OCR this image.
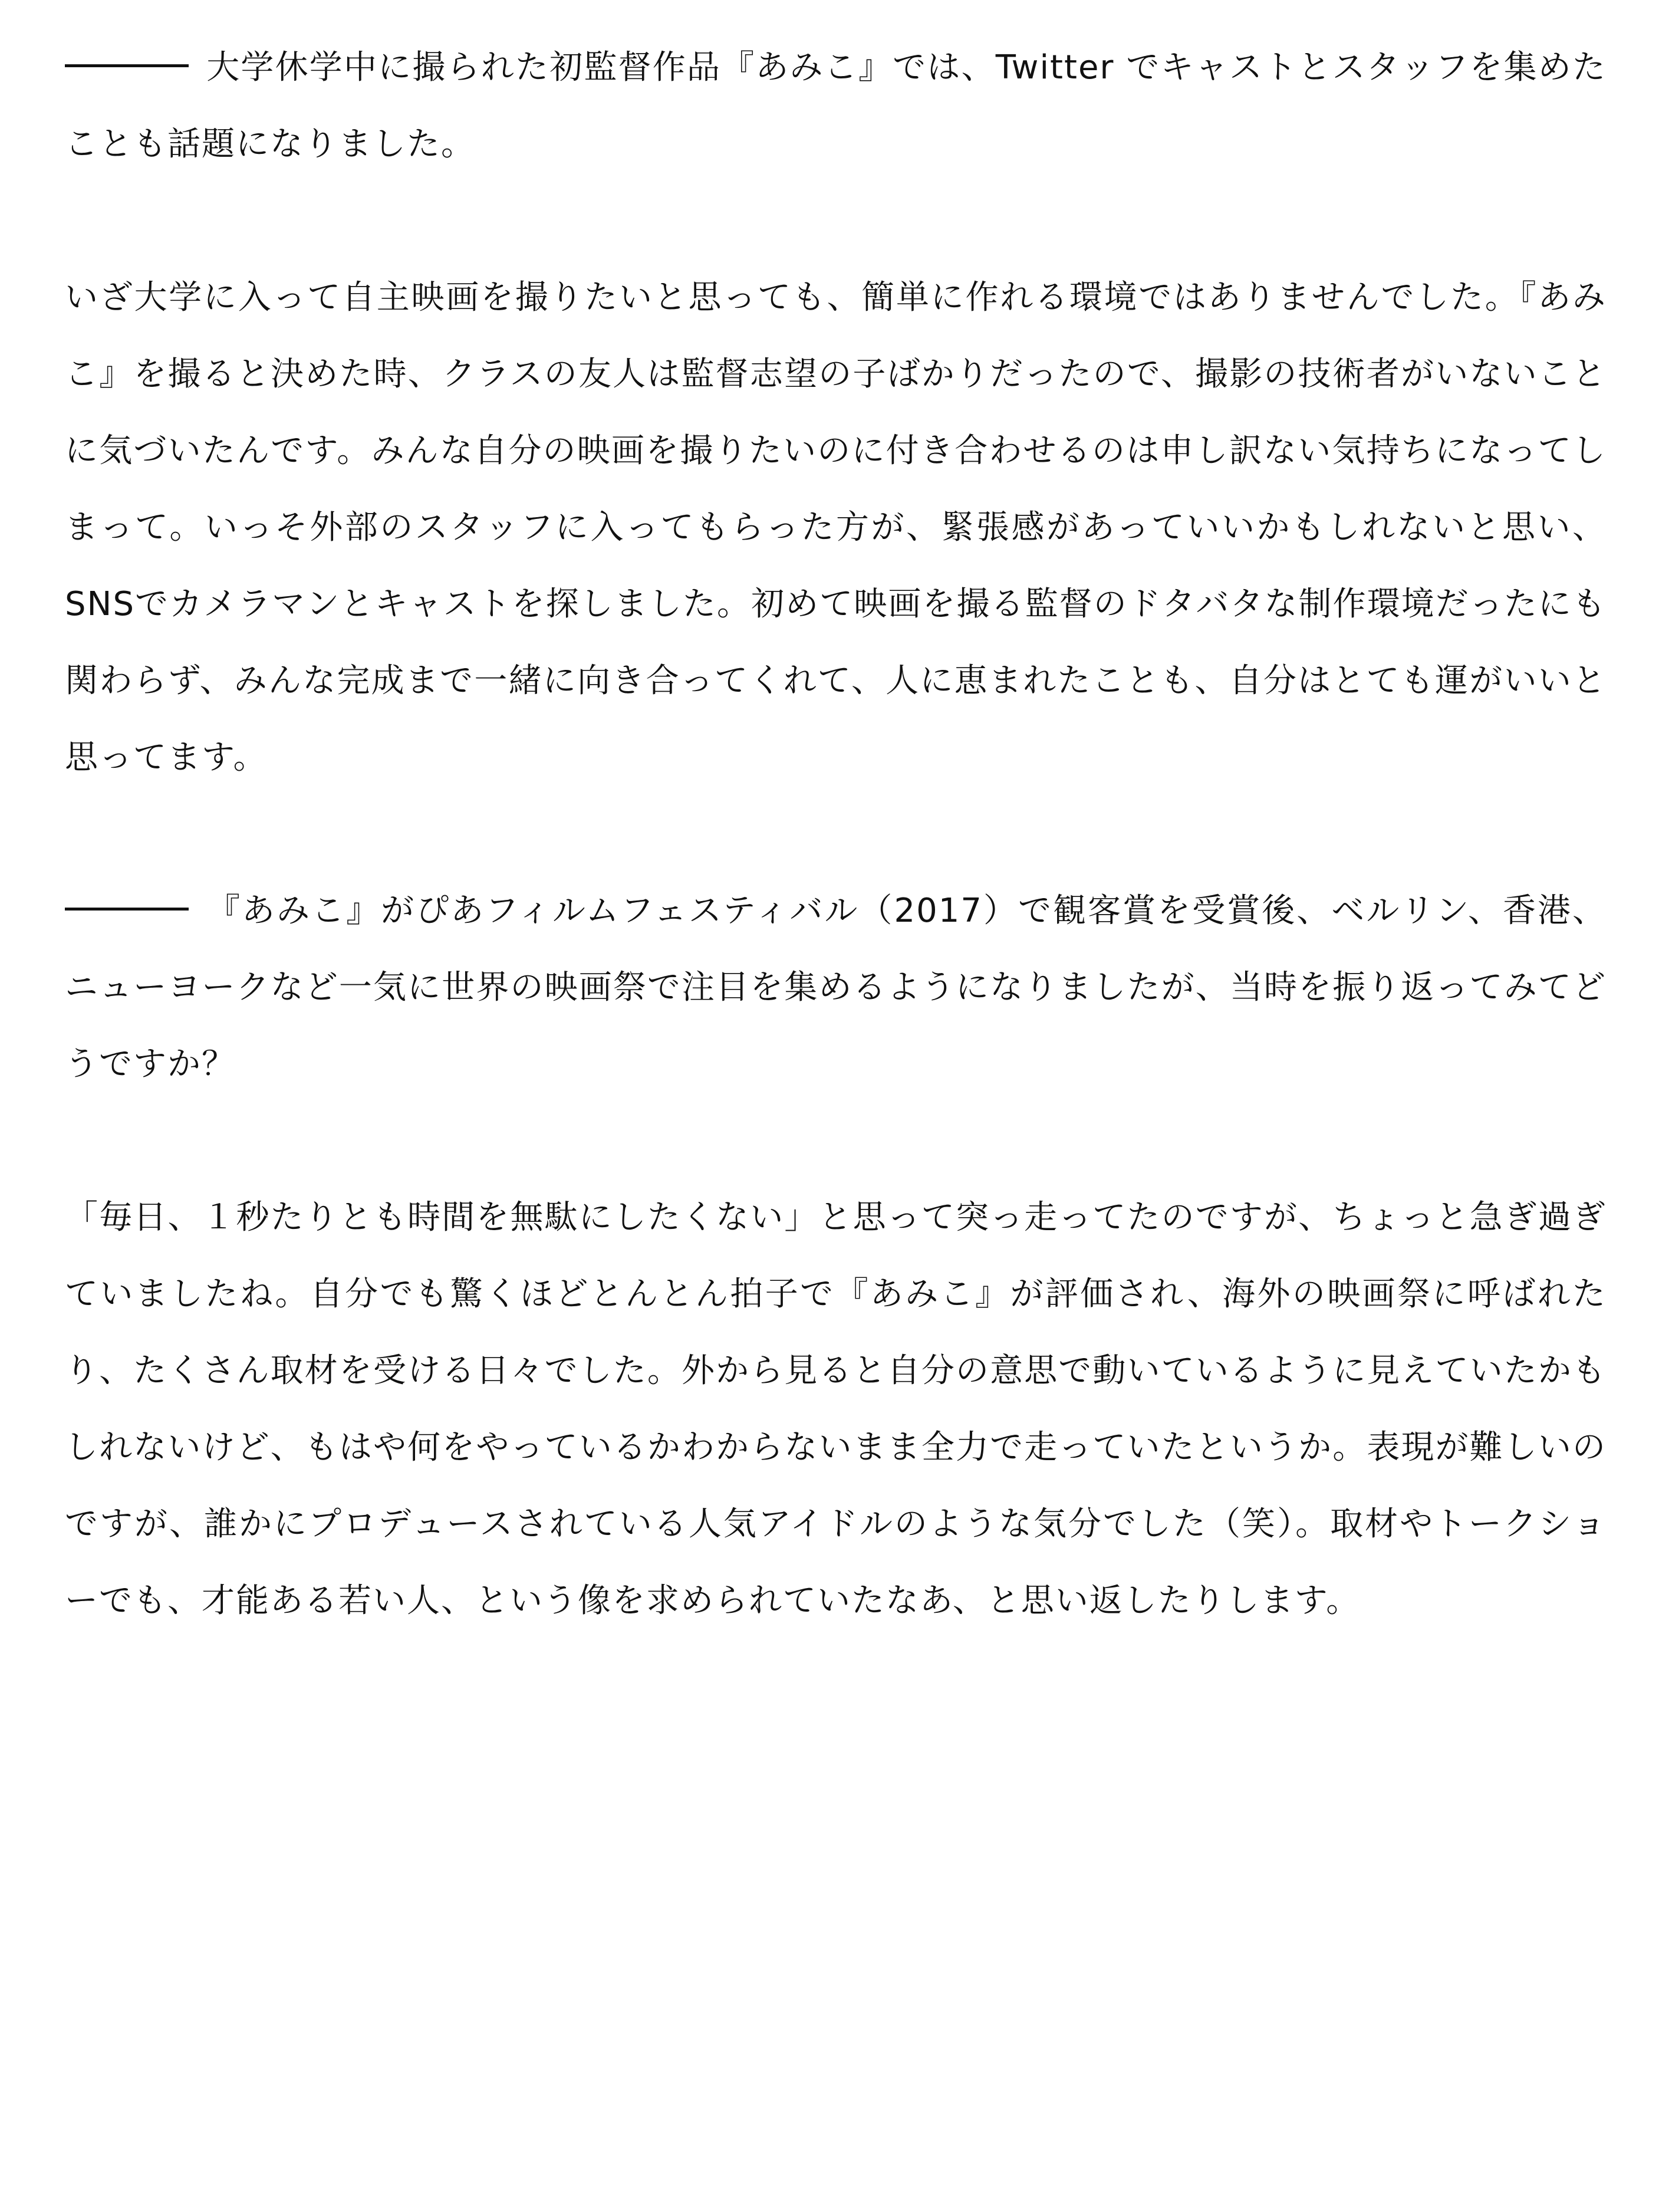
大学休学中に撮られた初監督作品『あみこ』では、Twitter でキャストとスタッフを集めたことも話題になりました。

いざ大学に入って自主映画を撮りたいと思っても、簡単に作れる環境ではありませんでした。『あみこ』を撮ると決めた時、クラスの友人は監督志望の子ばかりだったので、撮影の技術者がいないことに気づいたんです。みんな自分の映画を撮りたいのに付き合わせるのは申し訳ない気持ちになってしまって。いっそ外部のスタッフに入ってもらった方が、緊張感があっていいかもしれないと思い、SNSでカメラマンとキャストを探しました。初めて映画を撮る監督のドタバタな制作環境だったにも関わらず、みんな完成まで一緒に向き合ってくれて、人に恵まれたことも、自分はとても運がいいと思ってます。

『あみこ』がぴあフィルムフェスティバル（2017）で観客賞を受賞後、ベルリン、香港、ニューヨークなど一気に世界の映画祭で注目を集めるようになりましたが、当時を振り返ってみてどうですか？

「毎日、１秒たりとも時間を無駄にしたくない」と思って突っ走ってたのですが、ちょっと急ぎ過ぎていましたね。自分でも驚くほどとんとん拍子で『あみこ』が評価され、海外の映画祭に呼ばれたり、たくさん取材を受ける日々でした。外から見ると自分の意思で動いているように見えていたかもしれないけど、もはや何をやっているかわからないまま全力で走っていたというか。表現が難しいのですが、誰かにプロデュースされている人気アイドルのような気分でした（笑）。取材やトークショーでも、才能ある若い人、という像を求められていたなあ、と思い返したりします。
